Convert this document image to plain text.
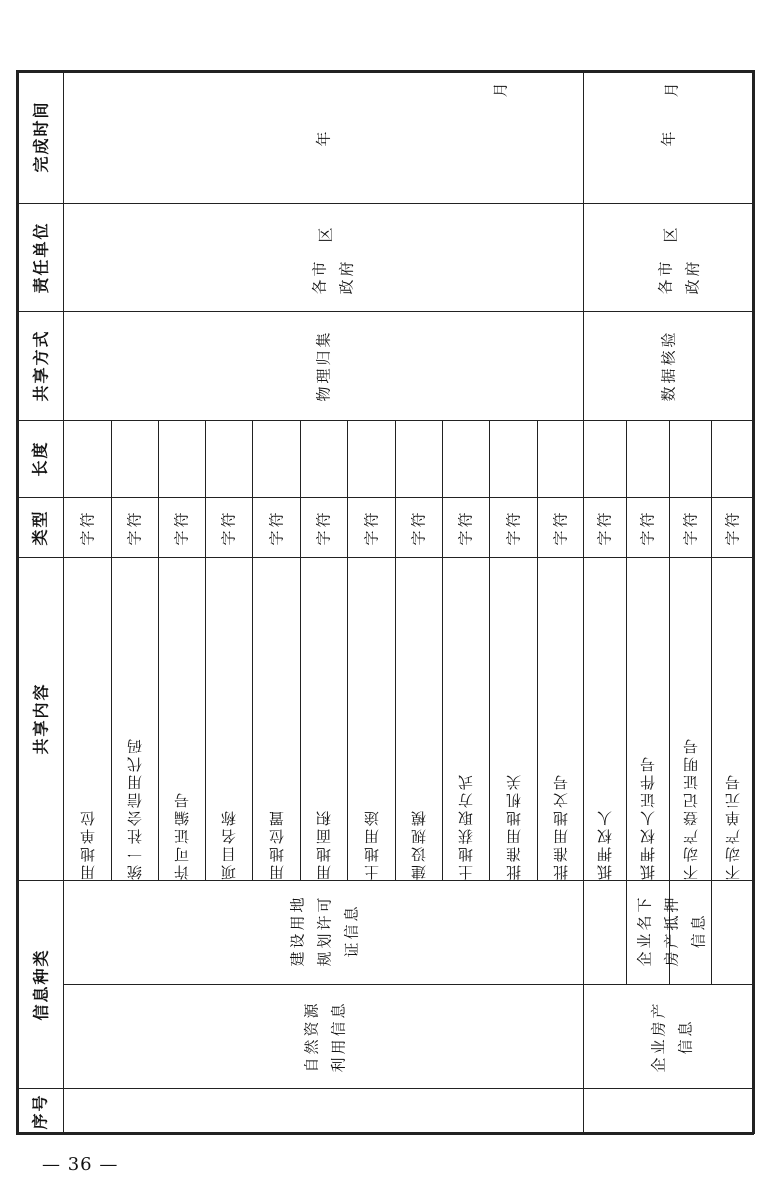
完成时间
责任单位
共享方式
长度
类型
共享内容
信息种类
序号
年
月
各市 政府
区
物理归集
字符
用地单位
字符
统一社会信用代码
字符
许可证编号
字符
项目名称
字符
用地位置
字符
用地面积
字符
土地用途
字符
建设规模
字符
土地获取方式
字符
批准用地机关
字符
批准用地文号
建设用地 规划许可 证信息
自然资源 利用信息
年
月
各市 政府
区
数据核验
字符
抵押权人
字符
抵押权人证件号
字符
不动产登记证明号
字符
不动产单元号
企业名下 房产抵押 信息
企业房产 信息
— 36 —
